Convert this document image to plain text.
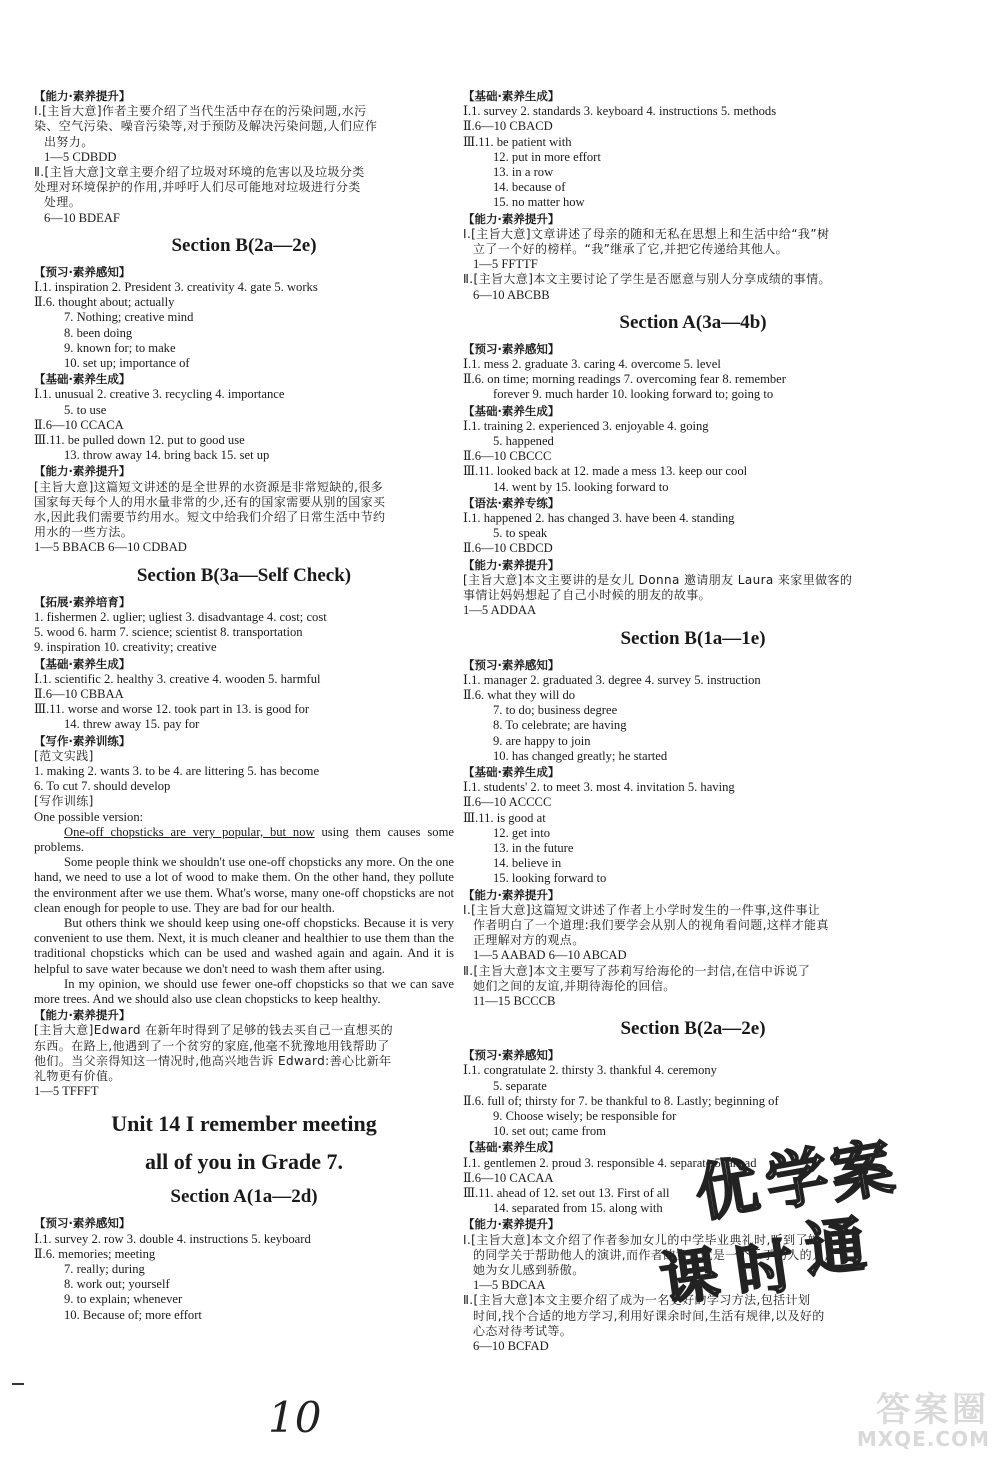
【能力·素养提升】
Ⅰ.[主旨大意]作者主要介绍了当代生活中存在的污染问题,水污
染、空气污染、噪音污染等,对于预防及解决污染问题,人们应作
出努力。
1—5 CDBDD
Ⅱ.[主旨大意]文章主要介绍了垃圾对环境的危害以及垃圾分类
处理对环境保护的作用,并呼吁人们尽可能地对垃圾进行分类
处理。
6—10 BDEAF
Section B(2a—2e)
【预习·素养感知】
Ⅰ.1. inspiration 2. President 3. creativity 4. gate 5. works
Ⅱ.6. thought about; actually
7. Nothing; creative mind
8. been doing
9. known for; to make
10. set up; importance of
【基础·素养生成】
Ⅰ.1. unusual 2. creative 3. recycling 4. importance
5. to use
Ⅱ.6—10 CCACA
Ⅲ.11. be pulled down 12. put to good use
13. throw away 14. bring back 15. set up
【能力·素养提升】
[主旨大意]这篇短文讲述的是全世界的水资源是非常短缺的,很多
国家每天每个人的用水量非常的少,还有的国家需要从别的国家买
水,因此我们需要节约用水。短文中给我们介绍了日常生活中节约
用水的一些方法。
1—5 BBACB 6—10 CDBAD
Section B(3a—Self Check)
【拓展·素养培育】
1. fishermen 2. uglier; ugliest 3. disadvantage 4. cost; cost
5. wood 6. harm 7. science; scientist 8. transportation
9. inspiration 10. creativity; creative
【基础·素养生成】
Ⅰ.1. scientific 2. healthy 3. creative 4. wooden 5. harmful
Ⅱ.6—10 CBBAA
Ⅲ.11. worse and worse 12. took part in 13. is good for
14. threw away 15. pay for
【写作·素养训练】
[范文实践]
1. making 2. wants 3. to be 4. are littering 5. has become
6. To cut 7. should develop
[写作训练]
One possible version:
One-off chopsticks are very popular, but now using them causes some problems.
Some people think we shouldn't use one-off chopsticks any more. On the one hand, we need to use a lot of wood to make them. On the other hand, they pollute the environment after we use them. What's worse, many one-off chopsticks are not clean enough for people to use. They are bad for our health.
But others think we should keep using one-off chopsticks. Because it is very convenient to use them. Next, it is much cleaner and healthier to use them than the traditional chopsticks which can be used and washed again and again. And it is helpful to save water because we don't need to wash them after using.
In my opinion, we should use fewer one-off chopsticks so that we can save more trees. And we should also use clean chopsticks to keep healthy.
【能力·素养提升】
[主旨大意]Edward 在新年时得到了足够的钱去买自己一直想买的
东西。在路上,他遇到了一个贫穷的家庭,他毫不犹豫地用钱帮助了
他们。当父亲得知这一情况时,他高兴地告诉 Edward:善心比新年
礼物更有价值。
1—5 TFFFT
Unit 14 I remember meeting
all of you in Grade 7.
Section A(1a—2d)
【预习·素养感知】
Ⅰ.1. survey 2. row 3. double 4. instructions 5. keyboard
Ⅱ.6. memories; meeting
7. really; during
8. work out; yourself
9. to explain; whenever
10. Because of; more effort
【基础·素养生成】
Ⅰ.1. survey 2. standards 3. keyboard 4. instructions 5. methods
Ⅱ.6—10 CBACD
Ⅲ.11. be patient with
12. put in more effort
13. in a row
14. because of
15. no matter how
【能力·素养提升】
Ⅰ.[主旨大意]文章讲述了母亲的随和无私在思想上和生活中给“我”树
立了一个好的榜样。“我”继承了它,并把它传递给其他人。
1—5 FFTTF
Ⅱ.[主旨大意]本文主要讨论了学生是否愿意与别人分享成绩的事情。
6—10 ABCBB
Section A(3a—4b)
【预习·素养感知】
Ⅰ.1. mess 2. graduate 3. caring 4. overcome 5. level
Ⅱ.6. on time; morning readings 7. overcoming fear 8. remember
forever 9. much harder 10. looking forward to; going to
【基础·素养生成】
Ⅰ.1. training 2. experienced 3. enjoyable 4. going
5. happened
Ⅱ.6—10 CBCCC
Ⅲ.11. looked back at 12. made a mess 13. keep our cool
14. went by 15. looking forward to
【语法·素养专练】
Ⅰ.1. happened 2. has changed 3. have been 4. standing
5. to speak
Ⅱ.6—10 CBDCD
【能力·素养提升】
[主旨大意]本文主要讲的是女儿 Donna 邀请朋友 Laura 来家里做客的
事情让妈妈想起了自己小时候的朋友的故事。
1—5 ADDAA
Section B(1a—1e)
【预习·素养感知】
Ⅰ.1. manager 2. graduated 3. degree 4. survey 5. instruction
Ⅱ.6. what they will do
7. to do; business degree
8. To celebrate; are having
9. are happy to join
10. has changed greatly; he started
【基础·素养生成】
Ⅰ.1. students' 2. to meet 3. most 4. invitation 5. having
Ⅱ.6—10 ACCCC
Ⅲ.11. is good at
12. get into
13. in the future
14. believe in
15. looking forward to
【能力·素养提升】
Ⅰ.[主旨大意]这篇短文讲述了作者上小学时发生的一件事,这件事让
作者明白了一个道理:我们要学会从别人的视角看问题,这样才能真
正理解对方的观点。
1—5 AABAD 6—10 ABCAD
Ⅱ.[主旨大意]本文主要写了莎莉写给海伦的一封信,在信中诉说了
她们之间的友谊,并期待海伦的回信。
11—15 BCCCB
Section B(2a—2e)
【预习·素养感知】
Ⅰ.1. congratulate 2. thirsty 3. thankful 4. ceremony
5. separate
Ⅱ.6. full of; thirsty for 7. be thankful to 8. Lastly; beginning of
9. Choose wisely; be responsible for
10. set out; came from
【基础·素养生成】
Ⅰ.1. gentlemen 2. proud 3. responsible 4. separate 5. ahead
Ⅱ.6—10 CACAA
Ⅲ.11. ahead of 12. set out 13. First of all
14. separated from 15. along with
【能力·素养提升】
Ⅰ.[主旨大意]本文介绍了作者参加女儿的中学毕业典礼时,听到了她
的同学关于帮助他人的演讲,而作者的女儿就是一个乐于助人的人,
她为女儿感到骄傲。
1—5 BDCAA
Ⅱ.[主旨大意]本文主要介绍了成为一名更好的学习方法,包括计划
时间,找个合适的地方学习,利用好课余时间,生活有规律,以及好的
心态对待考试等。
6—10 BCFAD
10
优
学
案
课 时 通
答案圈
MXQE.COM
